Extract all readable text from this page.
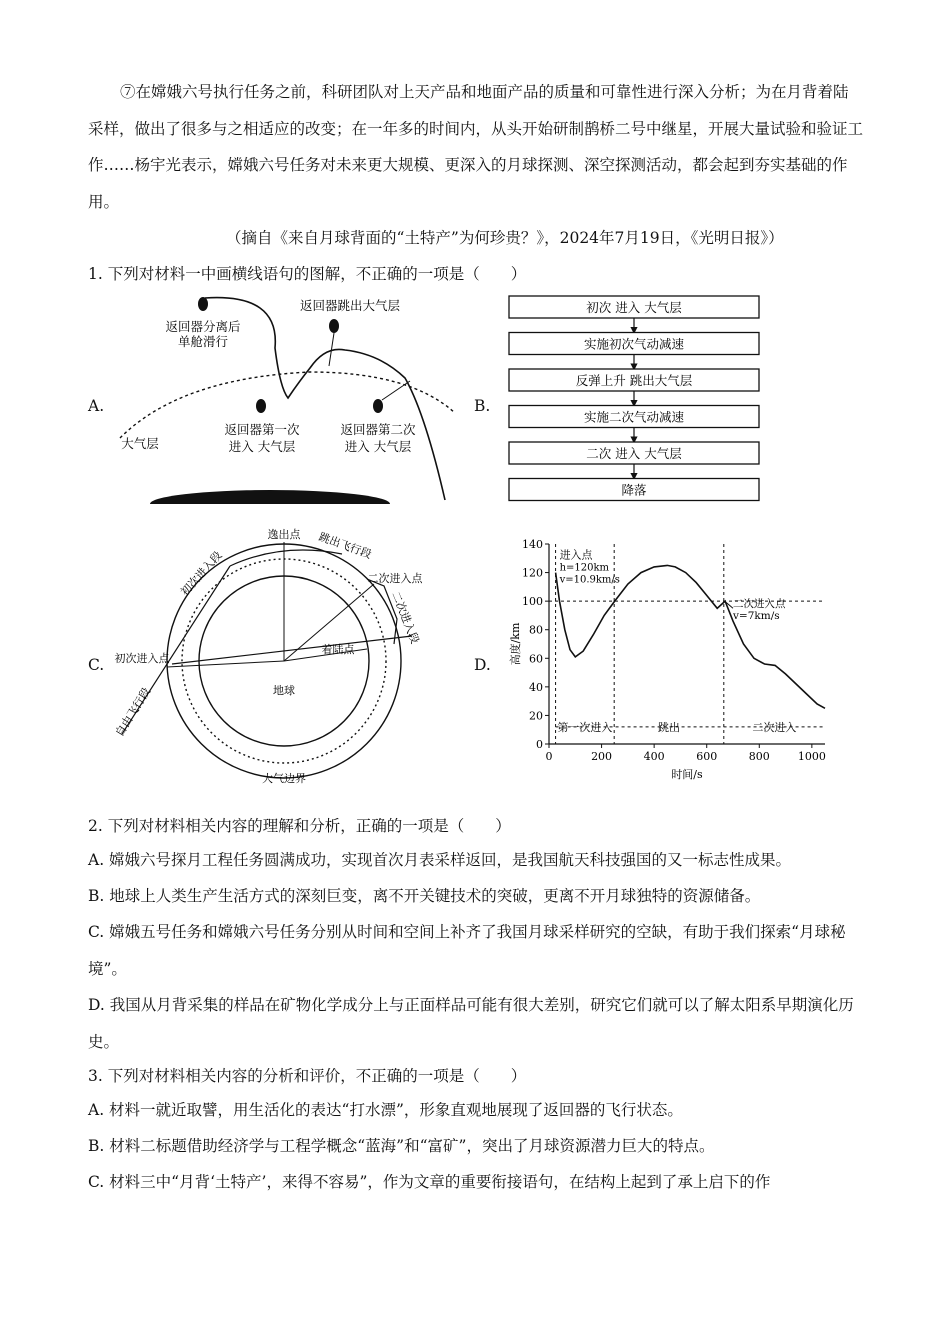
⑦在嫦娥六号执行任务之前，科研团队对上天产品和地面产品的质量和可靠性进行深入分析；为在月背着陆采样，做出了很多与之相适应的改变；在一年多的时间内，从头开始研制鹊桥二号中继星，开展大量试验和验证工作……杨宇光表示，嫦娥六号任务对未来更大规模、更深入的月球探测、深空探测活动，都会起到夯实基础的作用。
（摘自《来自月球背面的“土特产”为何珍贵？》，2024年7月19日，《光明日报》）
1. 下列对材料一中画横线语句的图解，不正确的一项是（　　）
A.	B.
C.	D.
返回器分离后
单舱滑行
返回器跳出大气层
返回器第一次
进入 大气层
返回器第二次
进入 大气层
大气层
初次 进入 大气层
实施初次气动减速
反弹上升 跳出大气层
实施二次气动减速
二次 进入 大气层
降落
逸出点 跳出飞行段
初次进入段	二次进入点
二次进入段
初次进入点
着陆点
地球
自由飞行段
大气边界
0	200	400	600	800	1000
0
20
40
60
80
100
120
140
高度/km
时间/s
进入点
h=120km
v=10.9km/s
二次进入点
v=7km/s
第一次进入	跳出	二次进入
2. 下列对材料相关内容的理解和分析，正确的一项是（　　）
A. 嫦娥六号探月工程任务圆满成功，实现首次月表采样返回，是我国航天科技强国的又一标志性成果。
B. 地球上人类生产生活方式的深刻巨变，离不开关键技术的突破，更离不开月球独特的资源储备。
C. 嫦娥五号任务和嫦娥六号任务分别从时间和空间上补齐了我国月球采样研究的空缺，有助于我们探索“月球秘境”。
D. 我国从月背采集的样品在矿物化学成分上与正面样品可能有很大差别，研究它们就可以了解太阳系早期演化历史。
3. 下列对材料相关内容的分析和评价，不正确的一项是（　　）
A. 材料一就近取譬，用生活化的表达“打水漂”，形象直观地展现了返回器的飞行状态。
B. 材料二标题借助经济学与工程学概念“蓝海”和“富矿”，突出了月球资源潜力巨大的特点。
C. 材料三中“月背‘土特产’，来得不容易”，作为文章的重要衔接语句，在结构上起到了承上启下的作
